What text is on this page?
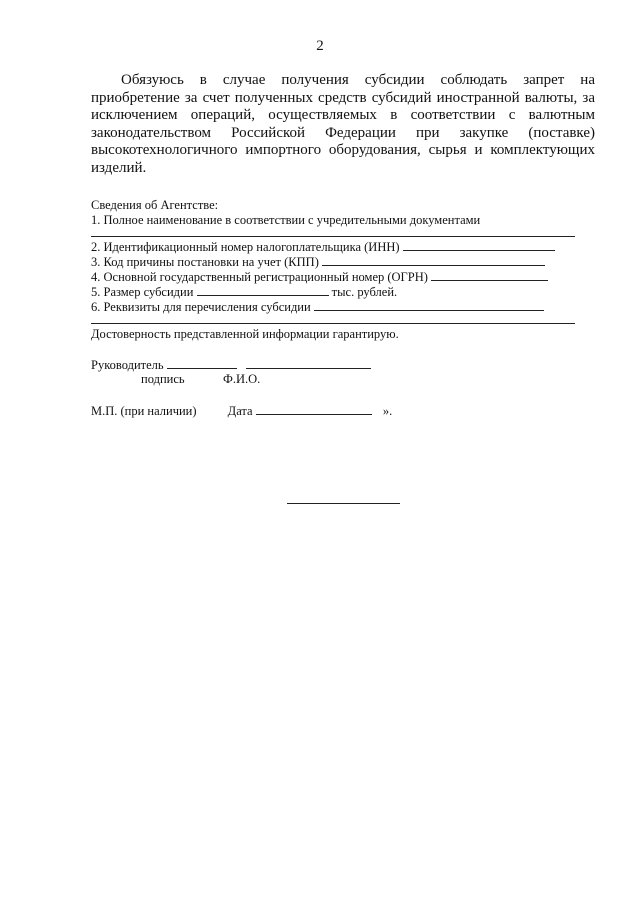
2

Обязуюсь в случае получения субсидии соблюдать запрет на приобретение за счет полученных средств субсидий иностранной валюты, за исключением операций, осуществляемых в соответствии с валютным законодательством Российской Федерации при закупке (поставке) высокотехнологичного импортного оборудования, сырья и комплектующих изделий.

Сведения об Агентстве:
1. Полное наименование в соответствии с учредительными документами
2. Идентификационный номер налогоплательщика (ИНН)
3. Код причины постановки на учет (КПП)
4. Основной государственный регистрационный номер (ОГРН)
5. Размер субсидии	тыс. рублей.
6. Реквизиты для перечисления субсидии
Достоверность представленной информации гарантирую.
Руководитель
подпись	Ф.И.О.
М.П. (при наличии) Дата	».
